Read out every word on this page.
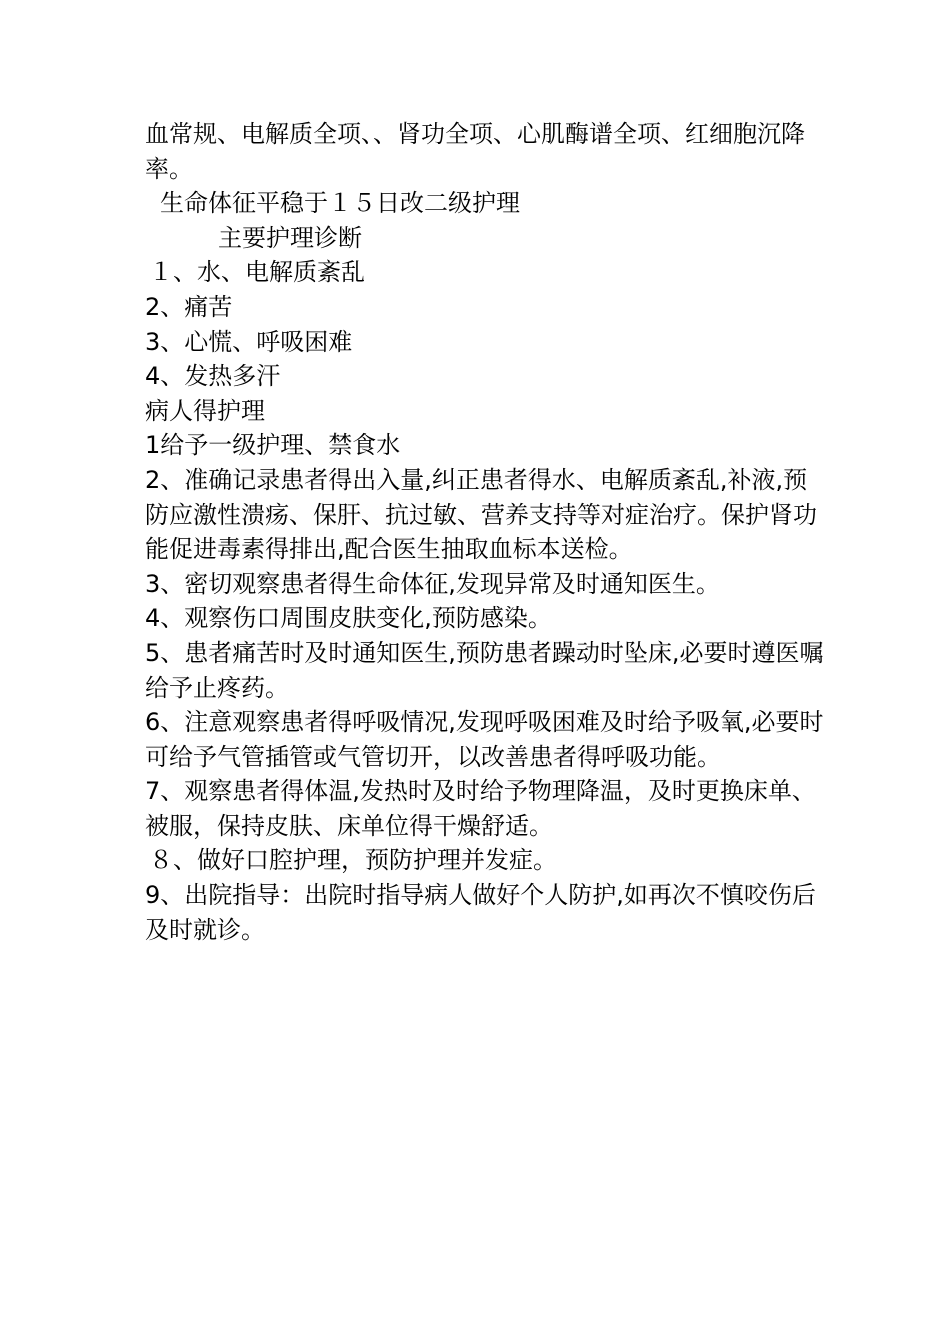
血常规、电解质全项、、肾功全项、心肌酶谱全项、红细胞沉降率。

生命体征平稳于１５日改二级护理

主要护理诊断

１、水、电解质紊乱

2、痛苦

3、心慌、呼吸困难

4、发热多汗

病人得护理

1给予一级护理、禁食水

2、准确记录患者得出入量,纠正患者得水、电解质紊乱,补液,预防应激性溃疡、保肝、抗过敏、营养支持等对症治疗。保护肾功能促进毒素得排出,配合医生抽取血标本送检。

3、密切观察患者得生命体征,发现异常及时通知医生。

4、观察伤口周围皮肤变化,预防感染。

5、患者痛苦时及时通知医生,预防患者躁动时坠床,必要时遵医嘱给予止疼药。

6、注意观察患者得呼吸情况,发现呼吸困难及时给予吸氧,必要时可给予气管插管或气管切开，以改善患者得呼吸功能。

7、观察患者得体温,发热时及时给予物理降温，及时更换床单、被服，保持皮肤、床单位得干燥舒适。

８、做好口腔护理，预防护理并发症。

9、出院指导：出院时指导病人做好个人防护,如再次不慎咬伤后及时就诊。
